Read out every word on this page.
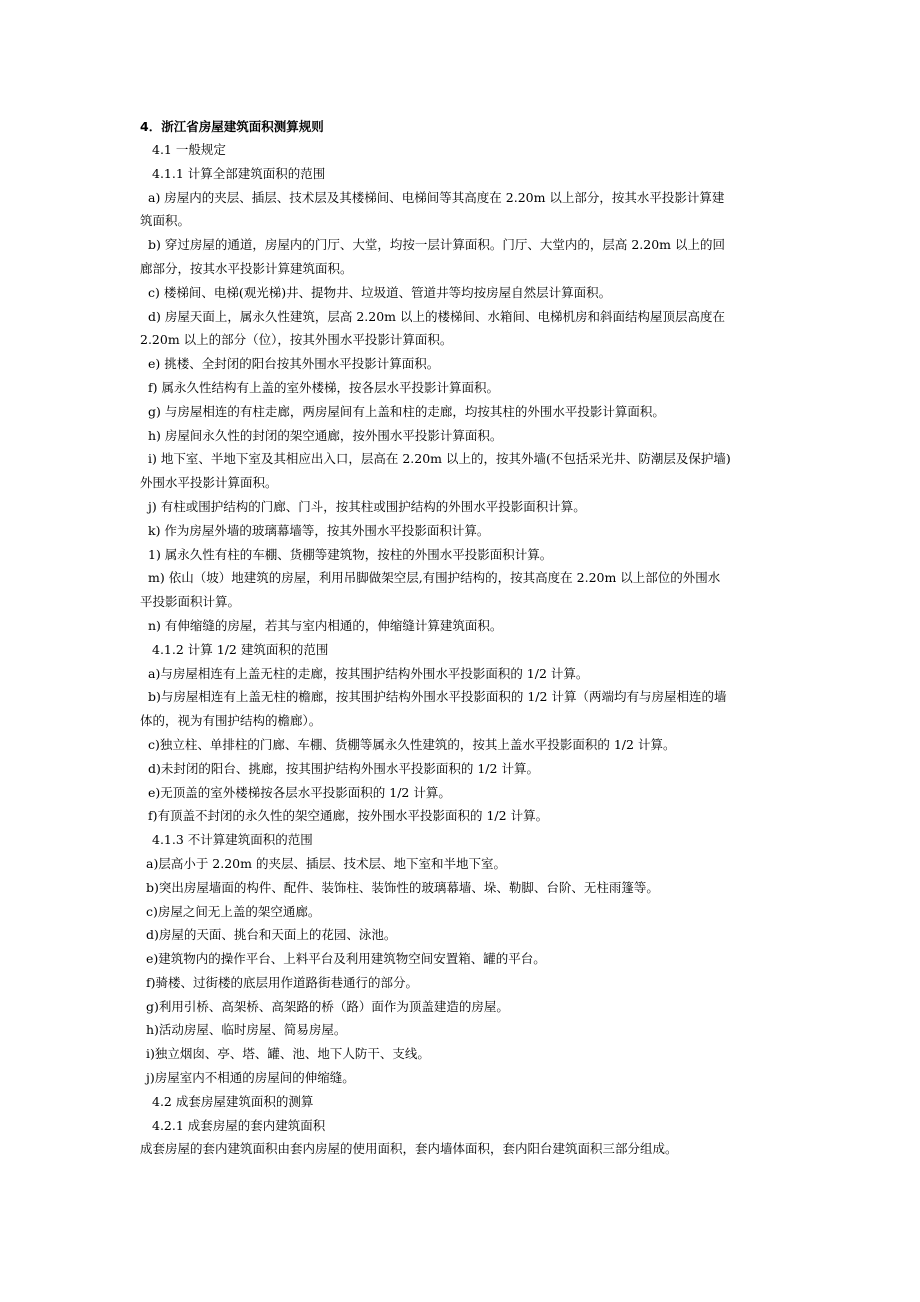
4．浙江省房屋建筑面积测算规则
4.1 一般规定
4.1.1 计算全部建筑面积的范围
a) 房屋内的夹层、插层、技术层及其楼梯间、电梯间等其高度在 2.20m 以上部分，按其水平投影计算建
筑面积。
b) 穿过房屋的通道，房屋内的门厅、大堂，均按一层计算面积。门厅、大堂内的，层高 2.20m 以上的回
廊部分，按其水平投影计算建筑面积。
c) 楼梯间、电梯(观光梯)井、提物井、垃圾道、管道井等均按房屋自然层计算面积。
d) 房屋天面上，属永久性建筑，层高 2.20m 以上的楼梯间、水箱间、电梯机房和斜面结构屋顶层高度在
2.20m 以上的部分（位），按其外围水平投影计算面积。
e) 挑楼、全封闭的阳台按其外围水平投影计算面积。
f) 属永久性结构有上盖的室外楼梯，按各层水平投影计算面积。
g) 与房屋相连的有柱走廊，两房屋间有上盖和柱的走廊，均按其柱的外围水平投影计算面积。
h) 房屋间永久性的封闭的架空通廊，按外围水平投影计算面积。
i) 地下室、半地下室及其相应出入口，层高在 2.20m 以上的，按其外墙(不包括采光井、防潮层及保护墙)
外围水平投影计算面积。
j) 有柱或围护结构的门廊、门斗，按其柱或围护结构的外围水平投影面积计算。
k) 作为房屋外墙的玻璃幕墙等，按其外围水平投影面积计算。
1) 属永久性有柱的车棚、货棚等建筑物，按柱的外围水平投影面积计算。
m) 依山（坡）地建筑的房屋，利用吊脚做架空层,有围护结构的，按其高度在 2.20m 以上部位的外围水
平投影面积计算。
n) 有伸缩缝的房屋，若其与室内相通的，伸缩缝计算建筑面积。
4.1.2 计算 1/2 建筑面积的范围
a)与房屋相连有上盖无柱的走廊，按其围护结构外围水平投影面积的 1/2 计算。
b)与房屋相连有上盖无柱的檐廊，按其围护结构外围水平投影面积的 1/2 计算（两端均有与房屋相连的墙
体的，视为有围护结构的檐廊）。
c)独立柱、单排柱的门廊、车棚、货棚等属永久性建筑的，按其上盖水平投影面积的 1/2 计算。
d)未封闭的阳台、挑廊，按其围护结构外围水平投影面积的 1/2 计算。
e)无顶盖的室外楼梯按各层水平投影面积的 1/2 计算。
f)有顶盖不封闭的永久性的架空通廊，按外围水平投影面积的 1/2 计算。
4.1.3 不计算建筑面积的范围
a)层高小于 2.20m 的夹层、插层、技术层、地下室和半地下室。
b)突出房屋墙面的构件、配件、装饰柱、装饰性的玻璃幕墙、垛、勒脚、台阶、无柱雨篷等。
c)房屋之间无上盖的架空通廊。
d)房屋的天面、挑台和天面上的花园、泳池。
e)建筑物内的操作平台、上料平台及利用建筑物空间安置箱、罐的平台。
f)骑楼、过街楼的底层用作道路街巷通行的部分。
g)利用引桥、高架桥、高架路的桥（路）面作为顶盖建造的房屋。
h)活动房屋、临时房屋、简易房屋。
i)独立烟囱、亭、塔、罐、池、地下人防干、支线。
j)房屋室内不相通的房屋间的伸缩缝。
4.2 成套房屋建筑面积的测算
4.2.1 成套房屋的套内建筑面积
成套房屋的套内建筑面积由套内房屋的使用面积，套内墙体面积，套内阳台建筑面积三部分组成。
